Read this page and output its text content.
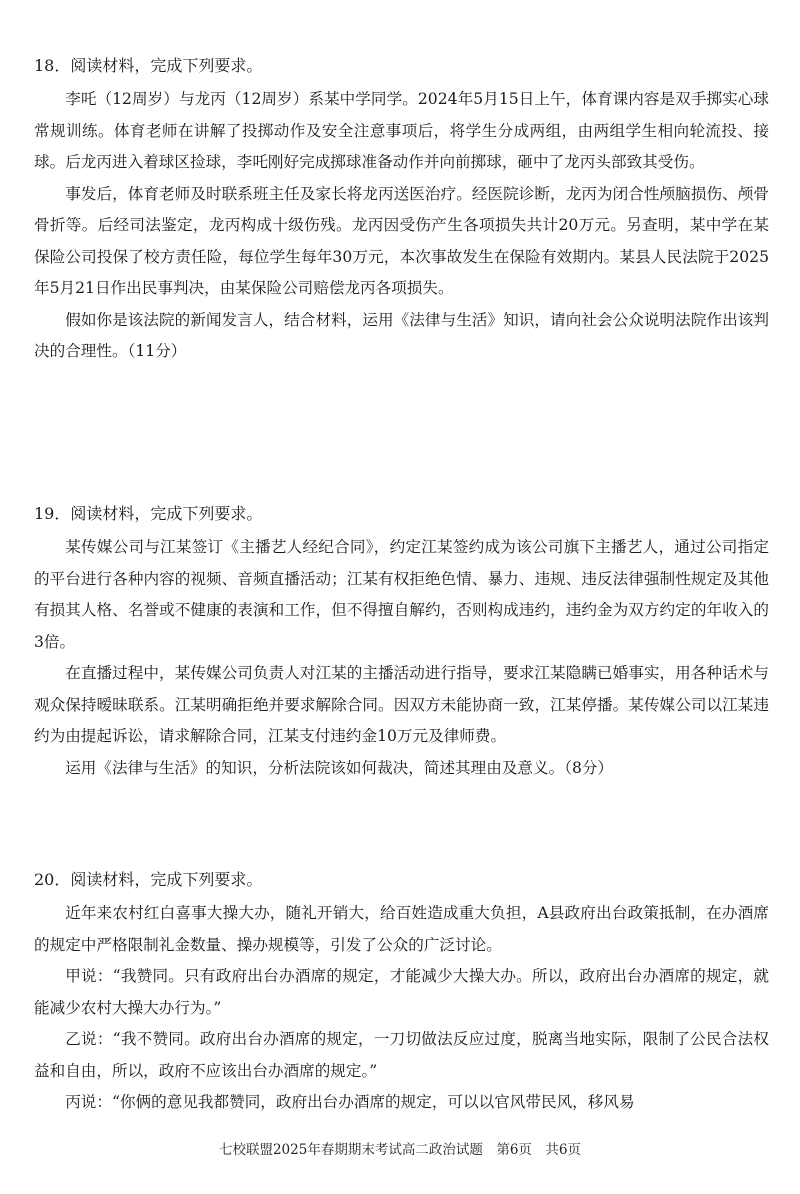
18．阅读材料，完成下列要求。

李吒（12周岁）与龙丙（12周岁）系某中学同学。2024年5月15日上午，体育课内容是双手掷实心球常规训练。体育老师在讲解了投掷动作及安全注意事项后，将学生分成两组，由两组学生相向轮流投、接球。后龙丙进入着球区捡球，李吒刚好完成掷球准备动作并向前掷球，砸中了龙丙头部致其受伤。

事发后，体育老师及时联系班主任及家长将龙丙送医治疗。经医院诊断，龙丙为闭合性颅脑损伤、颅骨骨折等。后经司法鉴定，龙丙构成十级伤残。龙丙因受伤产生各项损失共计20万元。另查明，某中学在某保险公司投保了校方责任险，每位学生每年30万元，本次事故发生在保险有效期内。某县人民法院于2025年5月21日作出民事判决，由某保险公司赔偿龙丙各项损失。

假如你是该法院的新闻发言人，结合材料，运用《法律与生活》知识，请向社会公众说明法院作出该判决的合理性。（11分）

19．阅读材料，完成下列要求。

某传媒公司与江某签订《主播艺人经纪合同》，约定江某签约成为该公司旗下主播艺人，通过公司指定的平台进行各种内容的视频、音频直播活动；江某有权拒绝色情、暴力、违规、违反法律强制性规定及其他有损其人格、名誉或不健康的表演和工作，但不得擅自解约，否则构成违约，违约金为双方约定的年收入的3倍。

在直播过程中，某传媒公司负责人对江某的主播活动进行指导，要求江某隐瞒已婚事实，用各种话术与观众保持暧昧联系。江某明确拒绝并要求解除合同。因双方未能协商一致，江某停播。某传媒公司以江某违约为由提起诉讼，请求解除合同，江某支付违约金10万元及律师费。

运用《法律与生活》的知识，分析法院该如何裁决，简述其理由及意义。（8分）

20．阅读材料，完成下列要求。

近年来农村红白喜事大操大办，随礼开销大，给百姓造成重大负担，A县政府出台政策抵制，在办酒席的规定中严格限制礼金数量、操办规模等，引发了公众的广泛讨论。

甲说：“我赞同。只有政府出台办酒席的规定，才能减少大操大办。所以，政府出台办酒席的规定，就能减少农村大操大办行为。”

乙说：“我不赞同。政府出台办酒席的规定，一刀切做法反应过度，脱离当地实际，限制了公民合法权益和自由，所以，政府不应该出台办酒席的规定。”

丙说：“你俩的意见我都赞同，政府出台办酒席的规定，可以以官风带民风，移风易

七校联盟2025年春期期末考试高二政治试题　第6页　共6页
